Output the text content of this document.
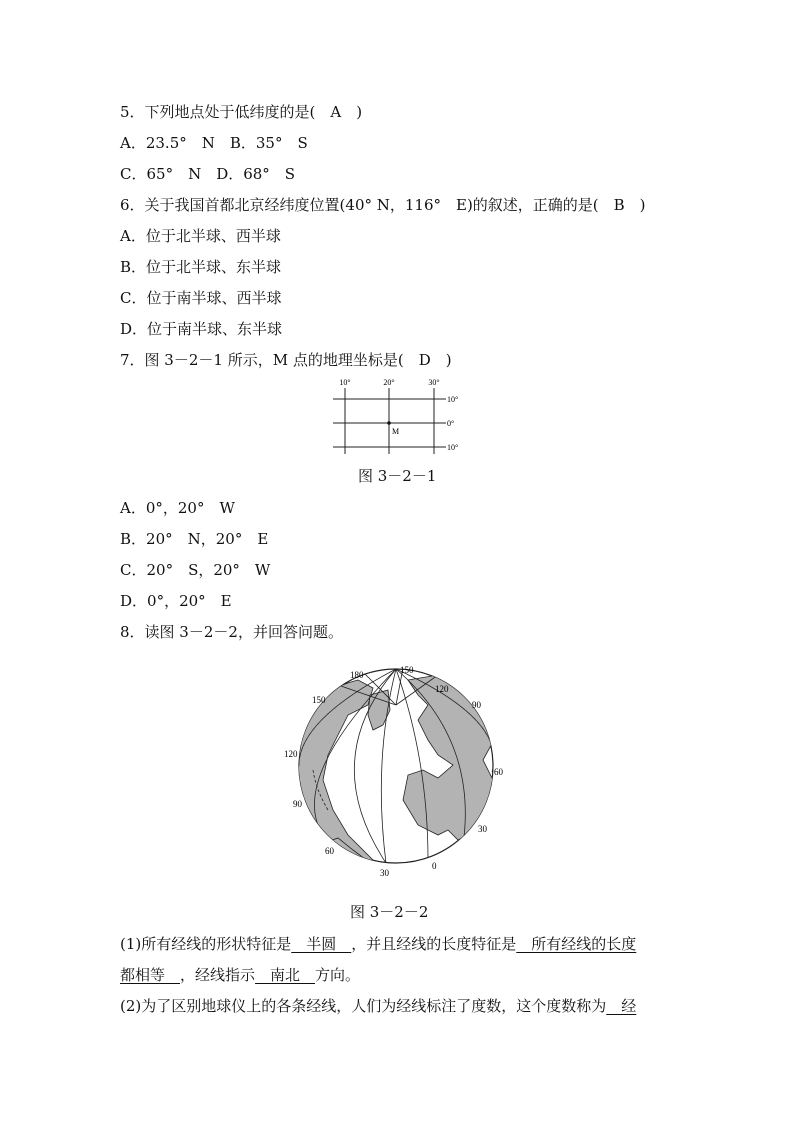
5．下列地点处于低纬度的是(　A　)
A．23.5°　N　B．35°　S
C．65°　N　D．68°　S
6．关于我国首都北京经纬度位置(40° N，116°　E)的叙述，正确的是(　B　)
A．位于北半球、西半球
B．位于北半球、东半球
C．位于南半球、西半球
D．位于南半球、东半球
7．图 3－2－1 所示，M 点的地理坐标是(　D　)
10°	20°	30°
10°
0°
10°
M
图 3－2－1
A．0°，20°　W
B．20°　N，20°　E
C．20°　S，20°　W
D．0°，20°　E
8．读图 3－2－2，并回答问题。
180	150
120
150	90
120
60
90
30
60
0
30
图 3－2－2
(1)所有经线的形状特征是　半圆　，并且经线的长度特征是　所有经线的长度
都相等　，经线指示　南北　方向。
(2)为了区别地球仪上的各条经线，人们为经线标注了度数，这个度数称为　经
